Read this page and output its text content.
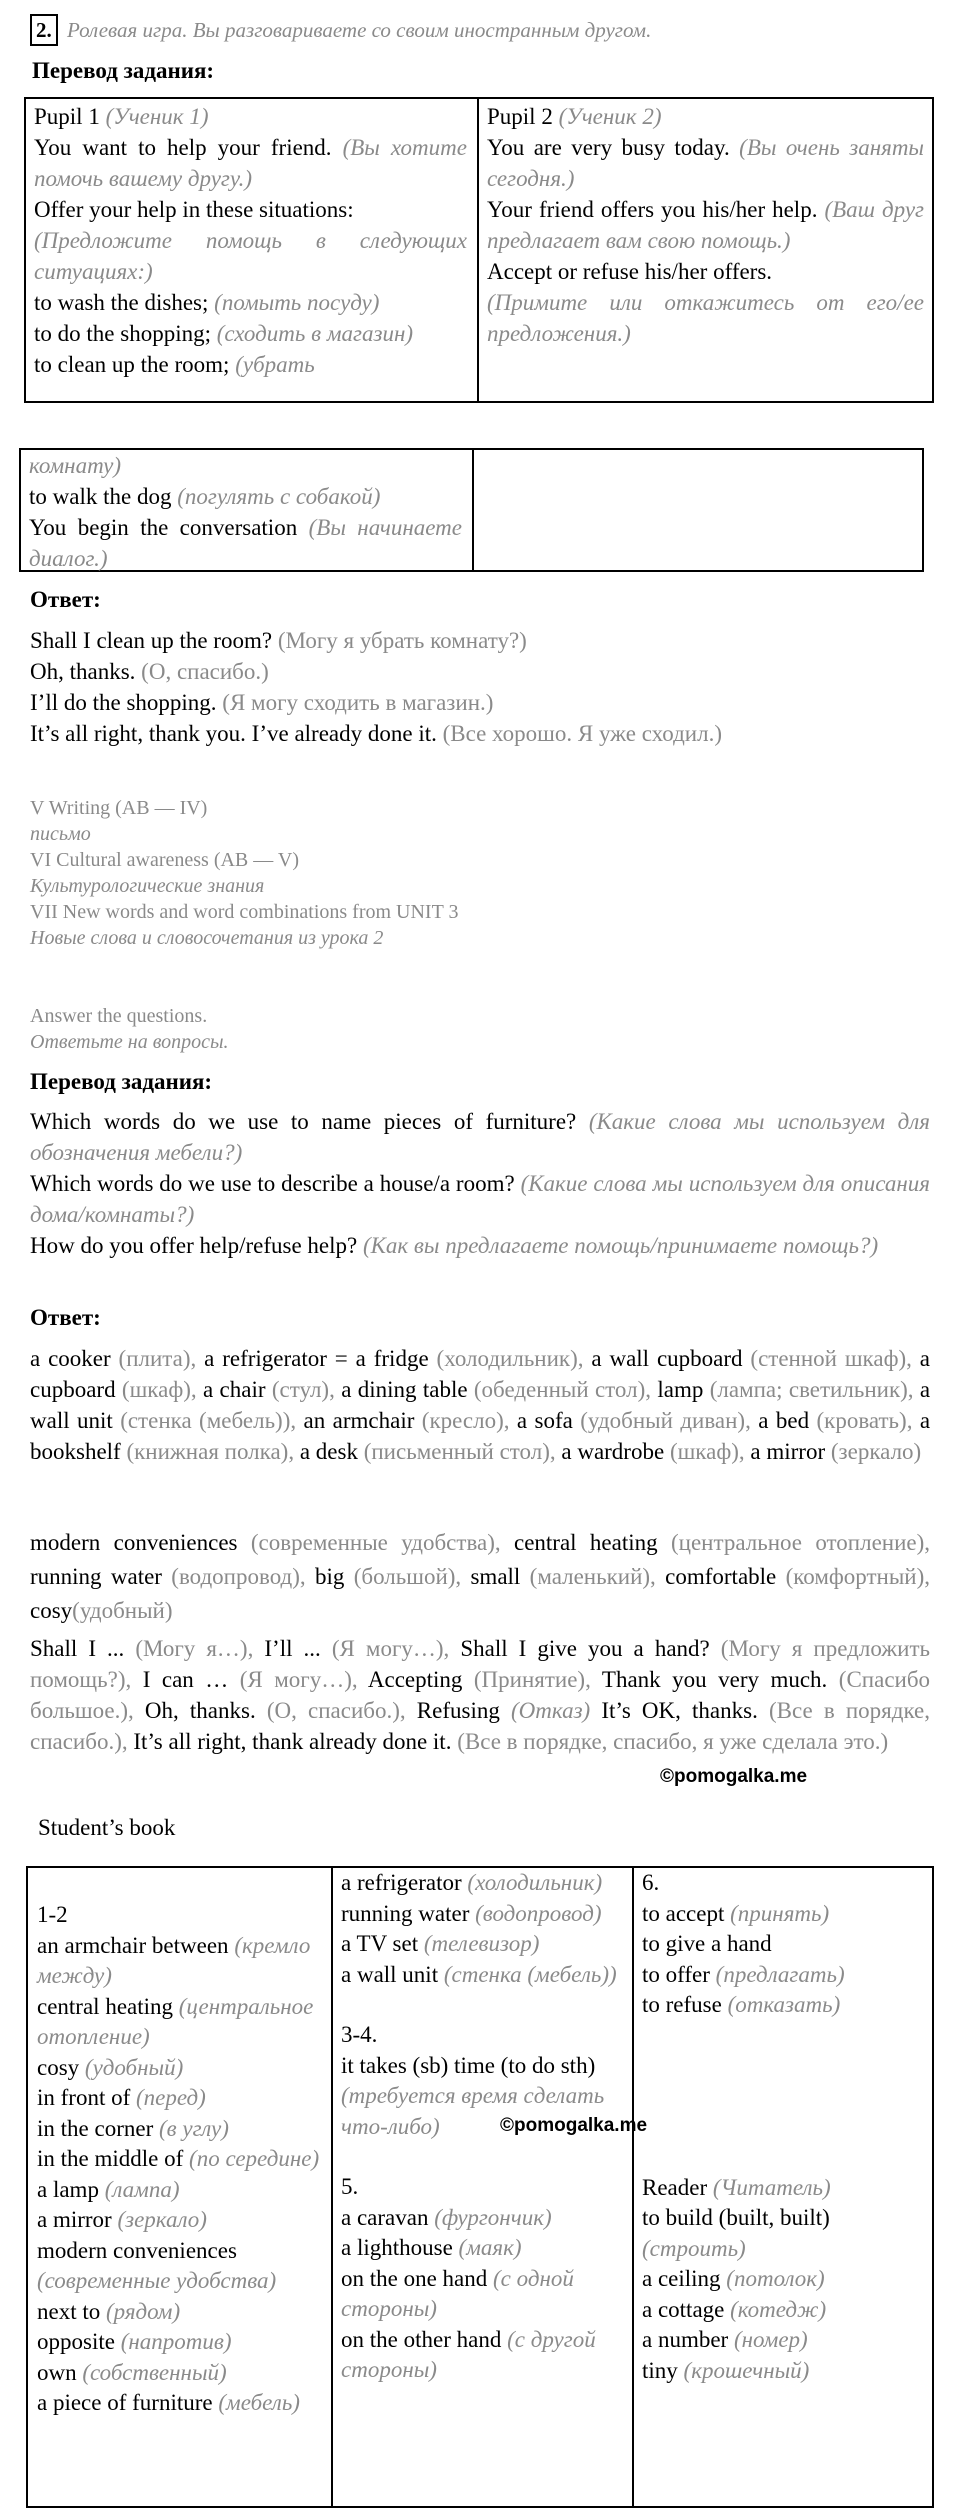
2. Ролевая игра. Вы разговариваете со своим иностранным другом.
Перевод задания:

Pupil 1 (Ученик 1)

You want to help your friend. (Вы хотите помочь вашему другу.)

Offer your help in these situations:

(Предложите помощь в следующих ситуациях:)

to wash the dishes; (помыть посуду)

to do the shopping; (сходить в магазин)

to clean up the room; (убрать

Pupil 2 (Ученик 2)

You are very busy today. (Вы очень заняты сегодня.)

Your friend offers you his/her help. (Ваш друг предлагает вам свою помощь.)

Accept or refuse his/her offers.

(Примите или откажитесь от его/ее предложения.)

комнату)

to walk the dog (погулять с собакой)

You begin the conversation (Вы начинаете диалог.)

Ответ:

Shall I clean up the room? (Могу я убрать комнату?)

Oh, thanks. (О, спасибо.)

I’ll do the shopping. (Я могу сходить в магазин.)

It’s all right, thank you. I’ve already done it. (Все хорошо. Я уже сходил.)

V Writing (AB — IV)

письмо

VI Cultural awareness (AB — V)

Культурологические знания

VII New words and word combinations from UNIT 3

Новые слова и словосочетания из урока 2

Answer the questions.

Ответьте на вопросы.

Перевод задания:

Which words do we use to name pieces of furniture? (Какие слова мы используем для обозначения мебели?)

Which words do we use to describe a house/a room? (Какие слова мы используем для описания дома/комнаты?)

How do you offer help/refuse help? (Как вы предлагаете помощь/принимаете помощь?)

Ответ:

a cooker (плита), a refrigerator = a fridge (холодильник), a wall cupboard (стенной шкаф), a cupboard (шкаф), a chair (стул), a dining table (обеденный стол), lamp (лампа; светильник), a wall unit (стенка (мебель)), an armchair (кресло), a sofa (удобный диван), a bed (кровать), a bookshelf (книжная полка), a desk (письменный стол), a wardrobe (шкаф), a mirror (зеркало)

modern conveniences (современные удобства), central heating (центральное отопление), running water (водопровод), big (большой), small (маленький), comfortable (комфортный), cosy(удобный)

Shall I ... (Могу я…), I’ll ... (Я могу…), Shall I give you a hand? (Могу я предложить помощь?), I can … (Я могу…), Accepting (Принятие), Thank you very much. (Спасибо большое.), Oh, thanks. (О, спасибо.), Refusing (Отказ) It’s OK, thanks. (Все в порядке, спасибо.), It’s all right, thank already done it. (Все в порядке, спасибо, я уже сделала это.)

©pomogalka.me
Student’s book

1-2

an armchair between (кремло между)

central heating (центральное отопление)

cosy (удобный)

in front of (перед)

in the corner (в углу)

in the middle of (по середине)

a lamp (лампа)

a mirror (зеркало)

modern conveniences (современные удобства)

next to (рядом)

opposite (напротив)

own (собственный)

a piece of furniture (мебель)

a refrigerator (холодильник)

running water (водопровод)

a TV set (телевизор)

a wall unit (стенка (мебель))

3-4.

it takes (sb) time (to do sth)(требуется время сделать что-либо)

5.

a caravan (фургончик)

a lighthouse (маяк)

on the one hand (с одной стороны)

on the other hand (с другой стороны)

6.

to accept (принять)

to give a hand

to offer (предлагать)

to refuse (отказать)

Reader (Читатель)

to build (built, built) (строить)

a ceiling (потолок)

a cottage (котедж)

a number (номер)

tiny (крошечный)

©pomogalka.me
